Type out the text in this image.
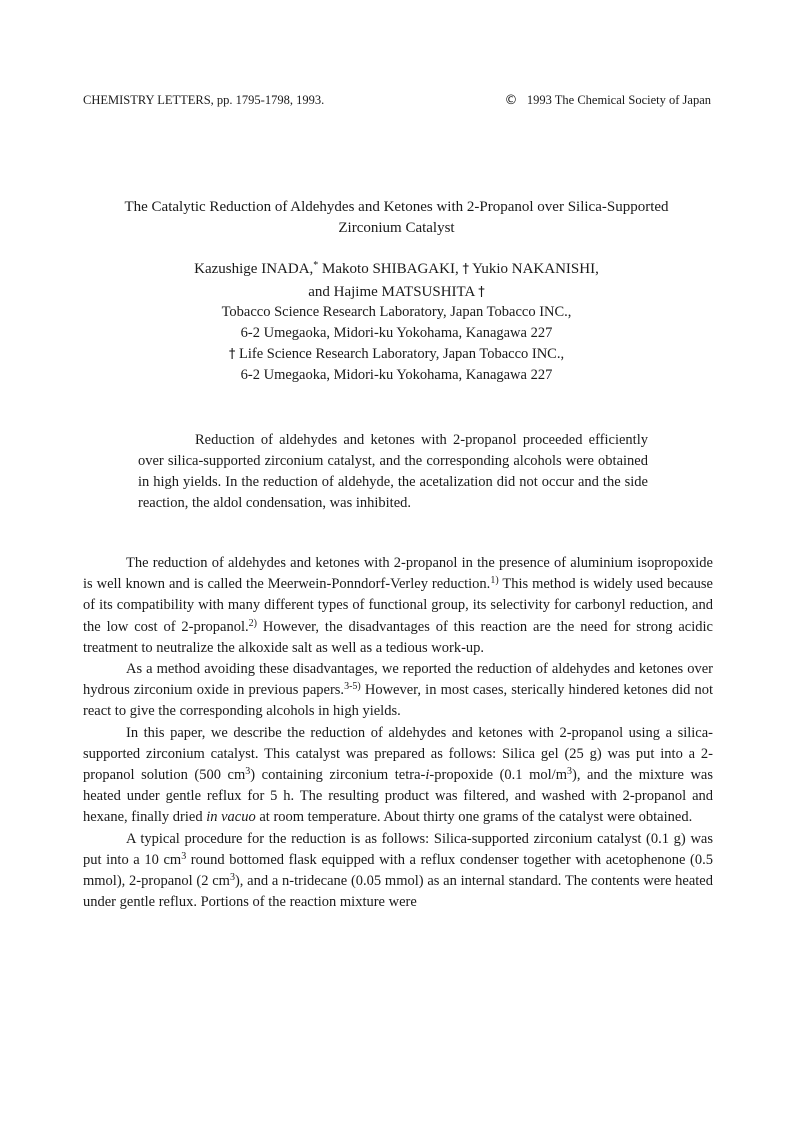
CHEMISTRY LETTERS, pp. 1795-1798, 1993.	© 1993 The Chemical Society of Japan
The Catalytic Reduction of Aldehydes and Ketones with 2-Propanol over Silica-Supported
Zirconium Catalyst
Kazushige INADA,* Makoto SHIBAGAKI, † Yukio NAKANISHI,
and Hajime MATSUSHITA †
Tobacco Science Research Laboratory, Japan Tobacco INC.,
6-2 Umegaoka, Midori-ku Yokohama, Kanagawa 227
† Life Science Research Laboratory, Japan Tobacco INC.,
6-2 Umegaoka, Midori-ku Yokohama, Kanagawa 227
Reduction of aldehydes and ketones with 2-propanol proceeded efficiently over silica-supported zirconium catalyst, and the corresponding alcohols were obtained in high yields. In the reduction of aldehyde, the acetalization did not occur and the side reaction, the aldol condensation, was inhibited.

The reduction of aldehydes and ketones with 2-propanol in the presence of aluminium isopropoxide is well known and is called the Meerwein-Ponndorf-Verley reduction.$^{1)}$ This method is widely used because of its compatibility with many different types of functional group, its selectivity for carbonyl reduction, and the low cost of 2-propanol.$^{2)}$ However, the disadvantages of this reaction are the need for strong acidic treatment to neutralize the alkoxide salt as well as a tedious work-up.

As a method avoiding these disadvantages, we reported the reduction of aldehydes and ketones over hydrous zirconium oxide in previous papers.$^{3-5)}$ However, in most cases, sterically hindered ketones did not react to give the corresponding alcohols in high yields.

In this paper, we describe the reduction of aldehydes and ketones with 2-propanol using a silica-supported zirconium catalyst. This catalyst was prepared as follows: Silica gel (25 g) was put into a 2-propanol solution (500 $cm^3$) containing zirconium tetra-i-propoxide (0.1 mol/$m^3$), and the mixture was heated under gentle reflux for 5 h. The resulting product was filtered, and washed with 2-propanol and hexane, finally dried in vacuo at room temperature. About thirty one grams of the catalyst were obtained.

A typical procedure for the reduction is as follows: Silica-supported zirconium catalyst (0.1 g) was put into a 10 $cm^3$ round bottomed flask equipped with a reflux condenser together with acetophenone (0.5 mmol), 2-propanol (2 $cm^3$), and a n-tridecane (0.05 mmol) as an internal standard. The contents were heated under gentle reflux. Portions of the reaction mixture were
